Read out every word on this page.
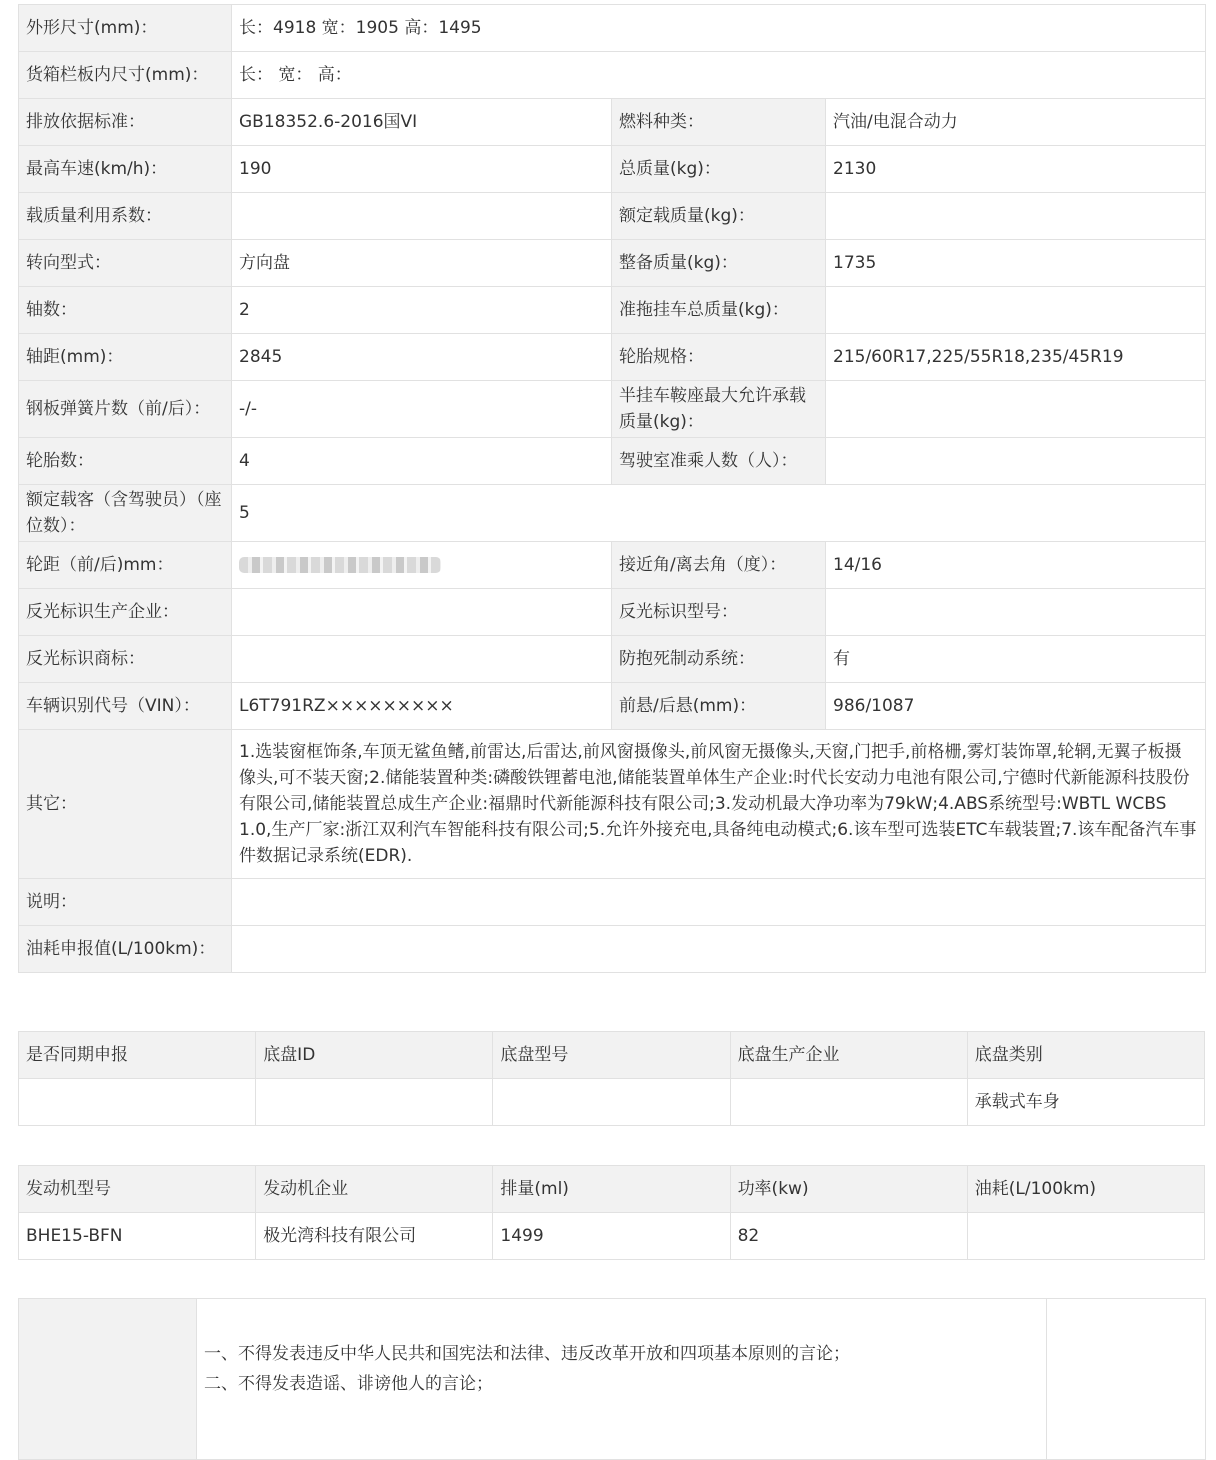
外形尺寸(mm)：	长：4918 宽：1905 高：1495		
货箱栏板内尺寸(mm)：	长： 宽： 高：		
排放依据标准：	GB18352.6-2016国VI	燃料种类：	汽油/电混合动力
最高车速(km/h)：	190	总质量(kg)：	2130
载质量利用系数：		额定载质量(kg)：	
转向型式：	方向盘	整备质量(kg)：	1735
轴数：	2	准拖挂车总质量(kg)：	
轴距(mm)：	2845	轮胎规格：	215/60R17,225/55R18,235/45R19
钢板弹簧片数（前/后）：	-/-	半挂车鞍座最大允许承载质量(kg)：	
轮胎数：	4	驾驶室准乘人数（人）：	
额定载客（含驾驶员）（座位数）：	5		
轮距（前/后)mm：		接近角/离去角（度）：	14/16
反光标识生产企业：		反光标识型号：	
反光标识商标：		防抱死制动系统：	有
车辆识别代号（VIN）：	L6T791RZ×××××××××	前悬/后悬(mm)：	986/1087
其它：	1.选装窗框饰条,车顶无鲨鱼鳍,前雷达,后雷达,前风窗摄像头,前风窗无摄像头,天窗,门把手,前格栅,雾灯装饰罩,轮辋,无翼子板摄像头,可不装天窗;2.储能装置种类:磷酸铁锂蓄电池,储能装置单体生产企业:时代长安动力电池有限公司,宁德时代新能源科技股份有限公司,储能装置总成生产企业:福鼎时代新能源科技有限公司;3.发动机最大净功率为79kW;4.ABS系统型号:WBTL WCBS 1.0,生产厂家:浙江双利汽车智能科技有限公司;5.允许外接充电,具备纯电动模式;6.该车型可选装ETC车载装置;7.该车配备汽车事件数据记录系统(EDR).		
说明：			
油耗申报值(L/100km)：			
是否同期申报	底盘ID	底盘型号	底盘生产企业	底盘类别
				承载式车身
发动机型号	发动机企业	排量(ml)	功率(kw)	油耗(L/100km)
BHE15-BFN	极光湾科技有限公司	1499	82	

一、不得发表违反中华人民共和国宪法和法律、违反改革开放和四项基本原则的言论；

二、不得发表造谣、诽谤他人的言论；
